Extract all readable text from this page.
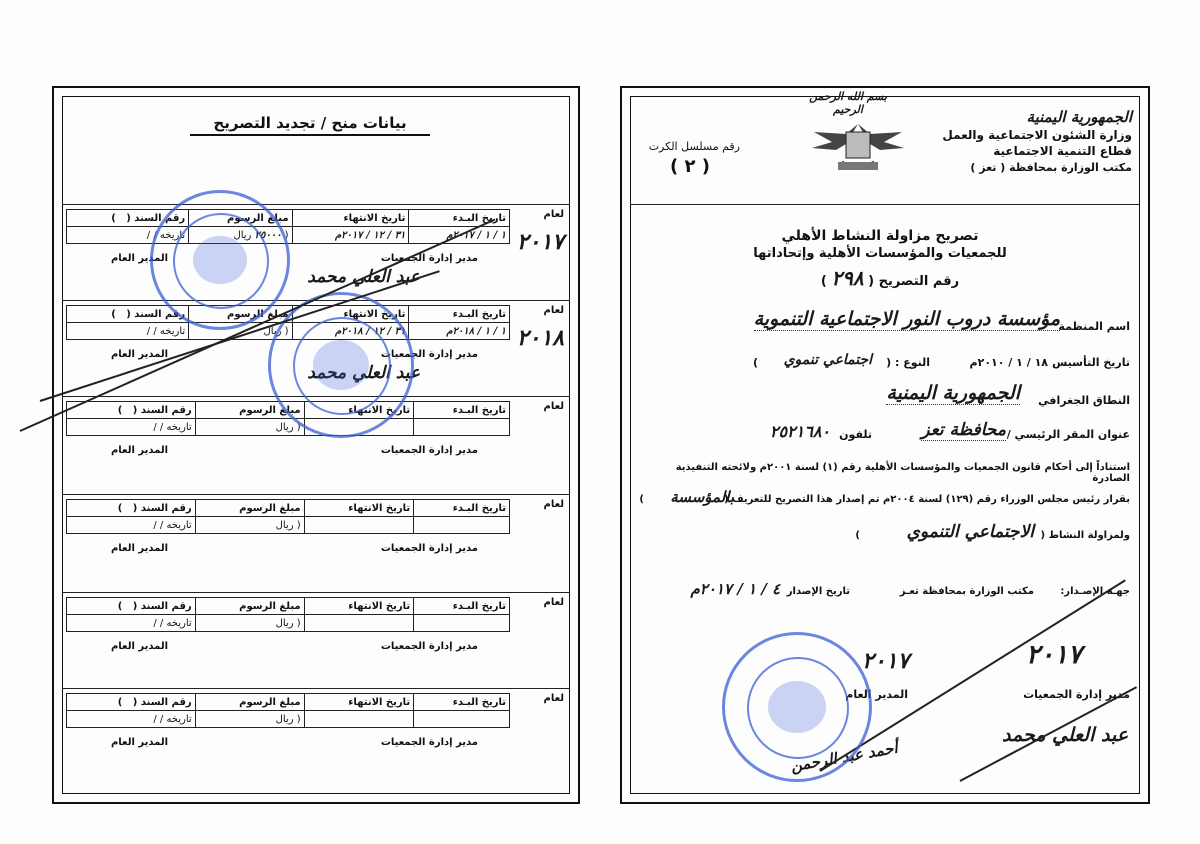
بسم الله الرحمن الرحيم	الجمهورية اليمنية
وزارة الشئون الاجتماعية والعمل
قطاع التنمية الاجتماعية
مكتب الوزارة بمحافظة ( تعز )
رقم مسلسل الكرت
( ٢ )
تصريح مزاولة النشاط الأهلي
للجمعيات والمؤسسات الأهلية وإتحاداتها
رقم التصريح ( ٢٩٨ )
اسم المنظمة
مؤسسة دروب النور الاجتماعية التنموية
تاريخ التأسيس
١٨ / ١ / ٢٠١٠م
النوع : (
اجتماعي تنموي
)
النطاق الجغرافي
الجمهورية اليمنية
عنوان المقر الرئيسي /
محافظة تعز
تلفون
٢٥٢١٦٨٠
استناداً إلى أحكام قانون الجمعيات والمؤسسات الأهلية رقم (١) لسنة ٢٠٠١م ولائحته التنفيذية الصادرة
بقرار رئيس مجلس الوزراء رقم (١٢٩) لسنة ٢٠٠٤م تم إصدار هذا التصريح للتعريف (
بالمؤسسة
)
ولمزاولة النشاط (
الاجتماعي التنموي
)
جهـة الإصـدار:
مكتب الوزارة بمحافظة تعـز
تاريخ الإصدار
٤ / ١ / ٢٠١٧م
مدير إدارة الجمعيات
المدير العام
٢٠١٧
٢٠١٧
عبد العلي محمد
أحمد عبد الرحمن
بيانات منح / تجديد التصريح
لعام
٢٠١٧
تاريخ البـدء	تاريخ الانتهاء	مبلغ الرسوم	رقم السند (   )
١ / ١ / ٢٠١٧م	٣١ / ١٢ / ٢٠١٧م	( ٢٥٠٠٠ ريال	تاريخه / /
مدير إدارة الجمعيات
المدير العام
عبد العلي محمد
لعام
٢٠١٨
تاريخ البـدء	تاريخ الانتهاء	مبلغ الرسوم	رقم السند (   )
١ / ١ / ٢٠١٨م	٣١ / ١٢ / ٢٠١٨م	( ريال	تاريخه / /
مدير إدارة الجمعيات
المدير العام
عبد العلي محمد
لعام
تاريخ البـدء	تاريخ الانتهاء	مبلغ الرسوم	رقم السند (   )
		( ريال	تاريخه / /
مدير إدارة الجمعيات
المدير العام
لعام
تاريخ البـدء	تاريخ الانتهاء	مبلغ الرسوم	رقم السند (   )
		( ريال	تاريخه / /
مدير إدارة الجمعيات
المدير العام
لعام
تاريخ البـدء	تاريخ الانتهاء	مبلغ الرسوم	رقم السند (   )
		( ريال	تاريخه / /
مدير إدارة الجمعيات
المدير العام
لعام
تاريخ البـدء	تاريخ الانتهاء	مبلغ الرسوم	رقم السند (   )
		( ريال	تاريخه / /
مدير إدارة الجمعيات
المدير العام
